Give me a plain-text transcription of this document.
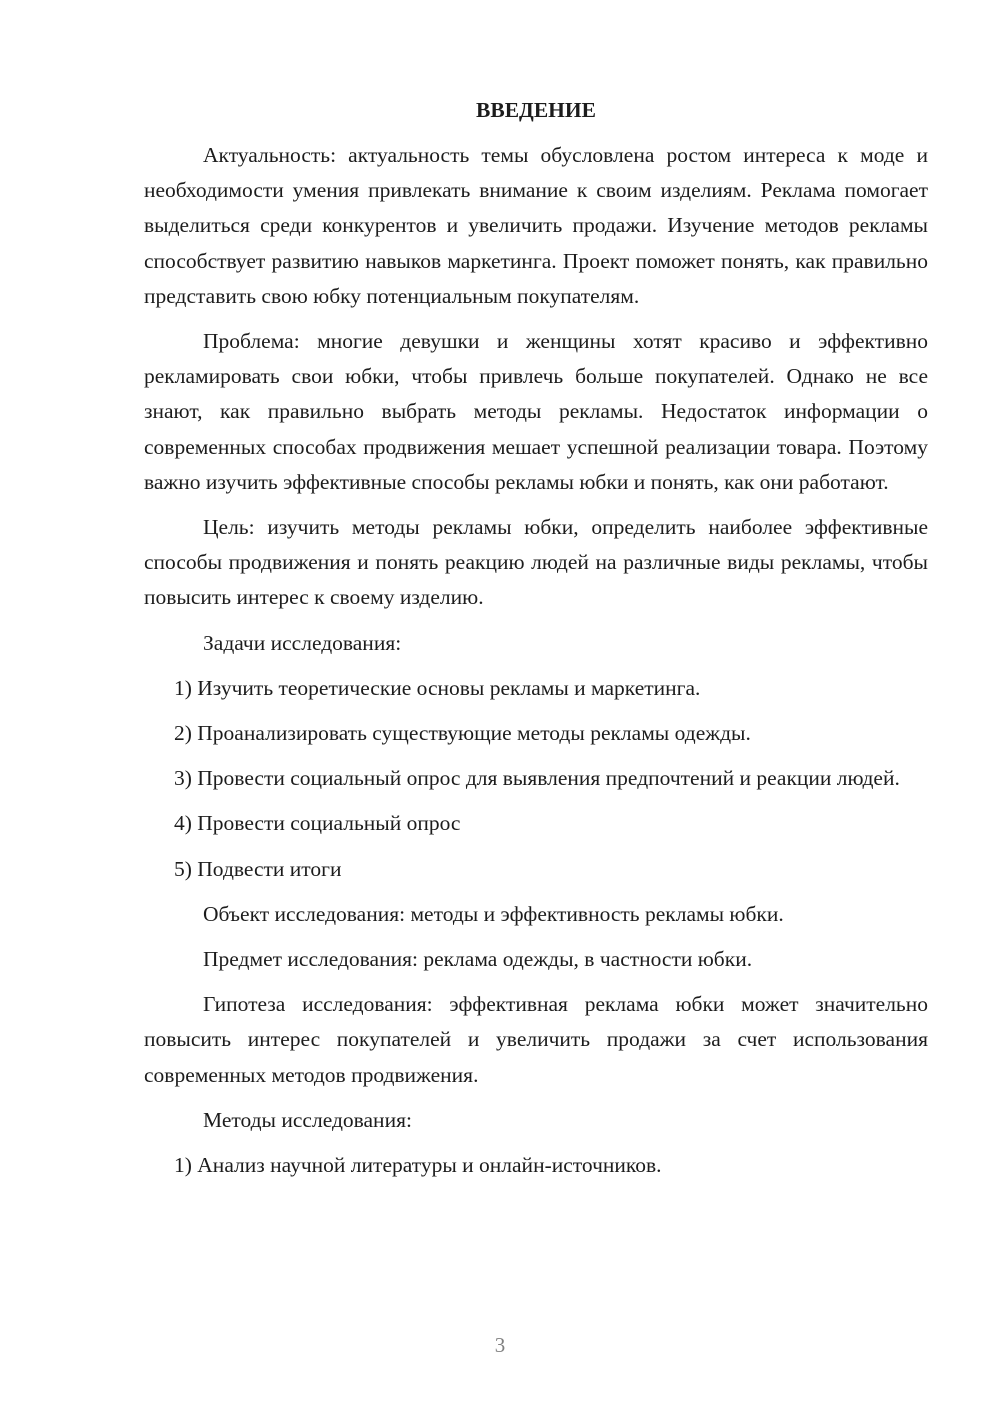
ВВЕДЕНИЕ

Актуальность: актуальность темы обусловлена ростом интереса к моде и необходимости умения привлекать внимание к своим изделиям. Реклама помогает выделиться среди конкурентов и увеличить продажи. Изучение методов рекламы способствует развитию навыков маркетинга. Проект поможет понять, как правильно представить свою юбку потенциальным покупателям.

Проблема: многие девушки и женщины хотят красиво и эффективно рекламировать свои юбки, чтобы привлечь больше покупателей. Однако не все знают, как правильно выбрать методы рекламы. Недостаток информации о современных способах продвижения мешает успешной реализации товара. Поэтому важно изучить эффективные способы рекламы юбки и понять, как они работают.

Цель: изучить методы рекламы юбки, определить наиболее эффективные способы продвижения и понять реакцию людей на различные виды рекламы, чтобы повысить интерес к своему изделию.

Задачи исследования:

1) Изучить теоретические основы рекламы и маркетинга.

2) Проанализировать существующие методы рекламы одежды.

3) Провести социальный опрос для выявления предпочтений и реакции людей.

4) Провести социальный опрос

5) Подвести итоги

Объект исследования: методы и эффективность рекламы юбки.

Предмет исследования: реклама одежды, в частности юбки.

Гипотеза исследования: эффективная реклама юбки может значительно повысить интерес покупателей и увеличить продажи за счет использования современных методов продвижения.

Методы исследования:

1) Анализ научной литературы и онлайн-источников.

3
